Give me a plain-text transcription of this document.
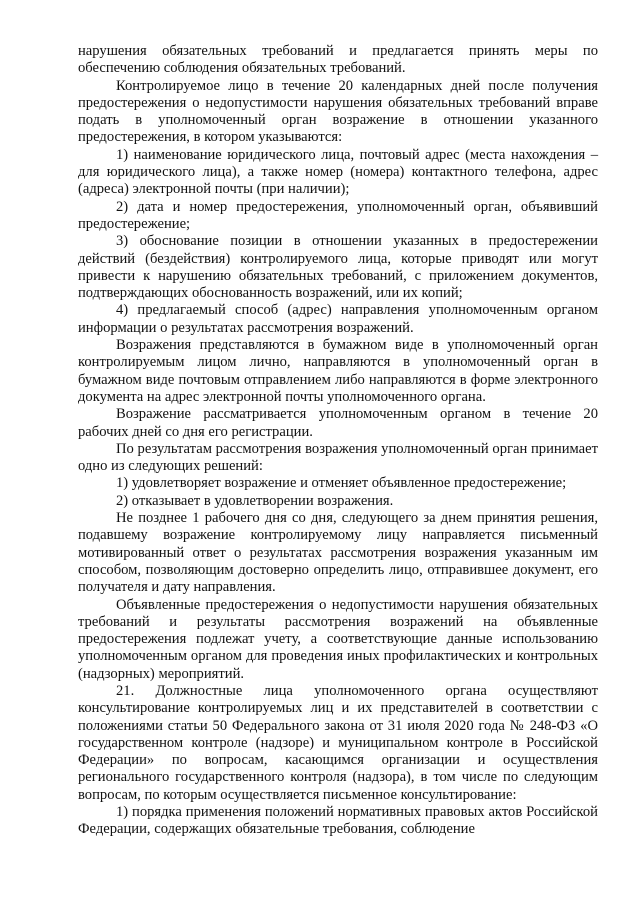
нарушения обязательных требований и предлагается принять меры по обеспечению соблюдения обязательных требований.

Контролируемое лицо в течение 20 календарных дней после получения предостережения о недопустимости нарушения обязательных требований вправе подать в уполномоченный орган возражение в отношении указанного предостережения, в котором указываются:

1) наименование юридического лица, почтовый адрес (места нахождения – для юридического лица), а также номер (номера) контактного телефона, адрес (адреса) электронной почты (при наличии);

2) дата и номер предостережения, уполномоченный орган, объявивший предостережение;

3) обоснование позиции в отношении указанных в предостережении действий (бездействия) контролируемого лица, которые приводят или могут привести к нарушению обязательных требований, с приложением документов, подтверждающих обоснованность возражений, или их копий;

4) предлагаемый способ (адрес) направления уполномоченным органом информации о результатах рассмотрения возражений.

Возражения представляются в бумажном виде в уполномоченный орган контролируемым лицом лично, направляются в уполномоченный орган в бумажном виде почтовым отправлением либо направляются в форме электронного документа на адрес электронной почты уполномоченного органа.

Возражение рассматривается уполномоченным органом в течение 20 рабочих дней со дня его регистрации.

По результатам рассмотрения возражения уполномоченный орган принимает одно из следующих решений:

1) удовлетворяет возражение и отменяет объявленное предостережение;

2) отказывает в удовлетворении возражения.

Не позднее 1 рабочего дня со дня, следующего за днем принятия решения, подавшему возражение контролируемому лицу направляется письменный мотивированный ответ о результатах рассмотрения возражения указанным им способом, позволяющим достоверно определить лицо, отправившее документ, его получателя и дату направления.

Объявленные предостережения о недопустимости нарушения обязательных требований и результаты рассмотрения возражений на объявленные предостережения подлежат учету, а соответствующие данные использованию уполномоченным органом для проведения иных профилактических и контрольных (надзорных) мероприятий.

21. Должностные лица уполномоченного органа осуществляют консультирование контролируемых лиц и их представителей в соответствии с положениями статьи 50 Федерального закона от 31 июля 2020 года № 248-ФЗ «О государственном контроле (надзоре) и муниципальном контроле в Российской Федерации» по вопросам, касающимся организации и осуществления регионального государственного контроля (надзора), в том числе по следующим вопросам, по которым осуществляется письменное консультирование:

1) порядка применения положений нормативных правовых актов Российской Федерации, содержащих обязательные требования, соблюдение
